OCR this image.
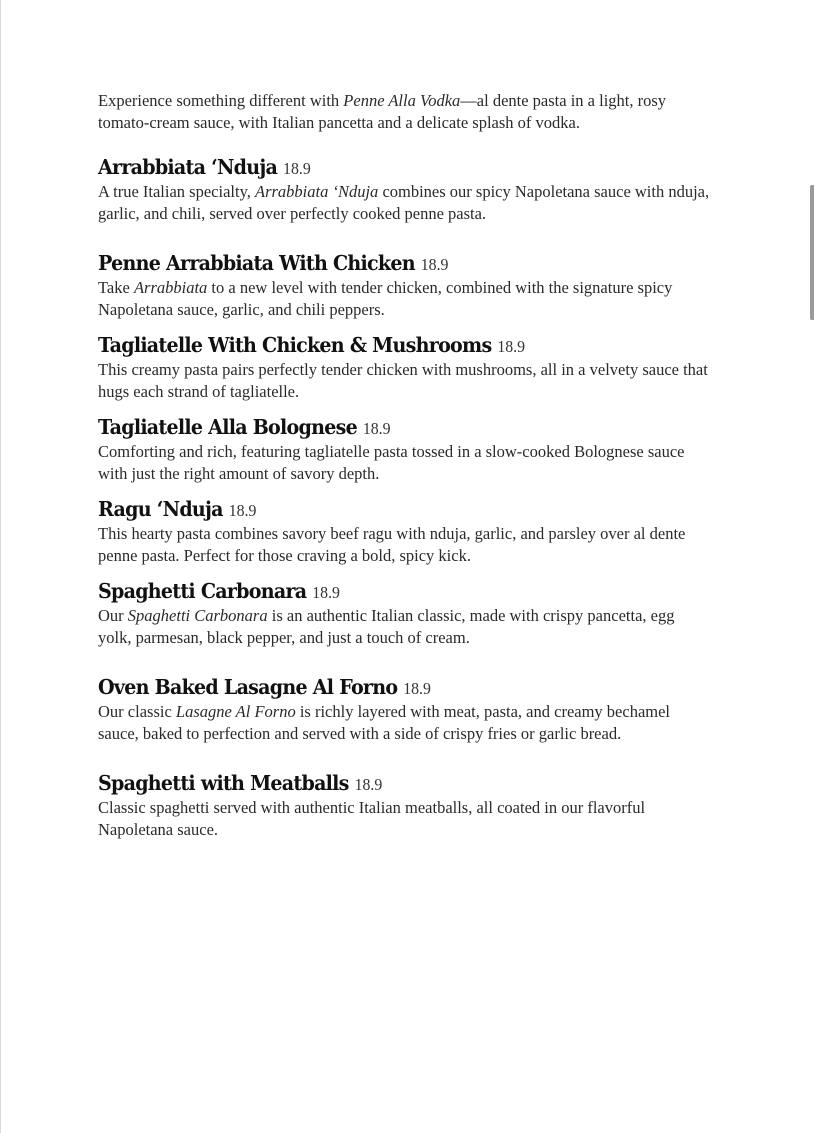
Experience something different with Penne Alla Vodka—al dente pasta in a light, rosy tomato-cream sauce, with Italian pancetta and a delicate splash of vodka.

Arrabbiata ‘Nduja 18.9

A true Italian specialty, Arrabbiata ‘Nduja combines our spicy Napoletana sauce with nduja, garlic, and chili, served over perfectly cooked penne pasta.

Penne Arrabbiata With Chicken 18.9

Take Arrabbiata to a new level with tender chicken, combined with the signature spicy Napoletana sauce, garlic, and chili peppers.

Tagliatelle With Chicken & Mushrooms 18.9

This creamy pasta pairs perfectly tender chicken with mushrooms, all in a velvety sauce that hugs each strand of tagliatelle.

Tagliatelle Alla Bolognese 18.9

Comforting and rich, featuring tagliatelle pasta tossed in a slow-cooked Bolognese sauce with just the right amount of savory depth.

Ragu ‘Nduja 18.9

This hearty pasta combines savory beef ragu with nduja, garlic, and parsley over al dente penne pasta. Perfect for those craving a bold, spicy kick.

Spaghetti Carbonara 18.9

Our Spaghetti Carbonara is an authentic Italian classic, made with crispy pancetta, egg yolk, parmesan, black pepper, and just a touch of cream.

Oven Baked Lasagne Al Forno 18.9

Our classic Lasagne Al Forno is richly layered with meat, pasta, and creamy bechamel sauce, baked to perfection and served with a side of crispy fries or garlic bread.

Spaghetti with Meatballs 18.9

Classic spaghetti served with authentic Italian meatballs, all coated in our flavorful Napoletana sauce.
